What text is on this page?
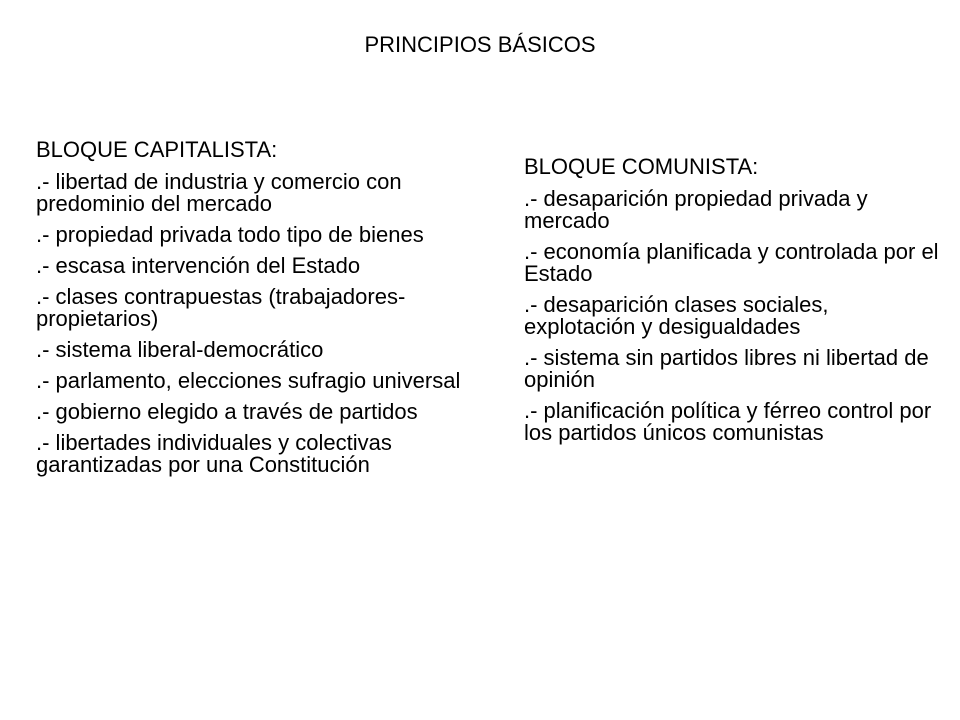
PRINCIPIOS BÁSICOS
BLOQUE CAPITALISTA:
.- libertad de industria y comercio con predominio del mercado
.- propiedad privada todo tipo de bienes
.- escasa intervención del Estado
.- clases contrapuestas (trabajadores-propietarios)
.- sistema liberal-democrático
.- parlamento, elecciones sufragio universal
.- gobierno elegido a través de partidos
.- libertades individuales y colectivas garantizadas por una Constitución
BLOQUE COMUNISTA:
.- desaparición propiedad privada y mercado
.- economía planificada y controlada por el Estado
.- desaparición clases sociales, explotación y desigualdades
.- sistema sin partidos libres ni libertad de opinión
.- planificación política y férreo control por los partidos únicos comunistas
